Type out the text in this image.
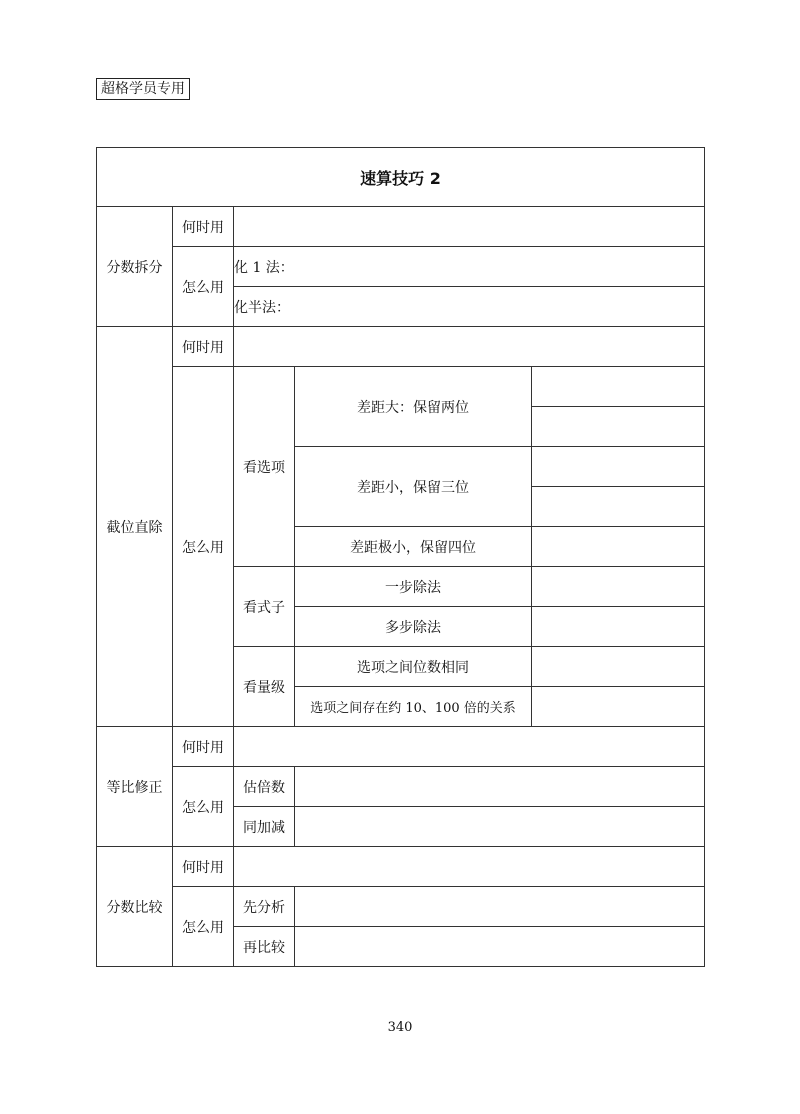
超格学员专用
速算技巧 2				
分数拆分	何时用			
	怎么用	化 1 法：		
		化半法：		
截位直除	何时用			
	怎么用	看选项	差距大：保留两位	

			差距小，保留三位	

			差距极小，保留四位	
		看式子	一步除法	
			多步除法	
		看量级	选项之间位数相同	
			选项之间存在约 10、100 倍的关系	
等比修正	何时用			
	怎么用	估倍数		
		同加减		
分数比较	何时用			
	怎么用	先分析		
		再比较		
340
